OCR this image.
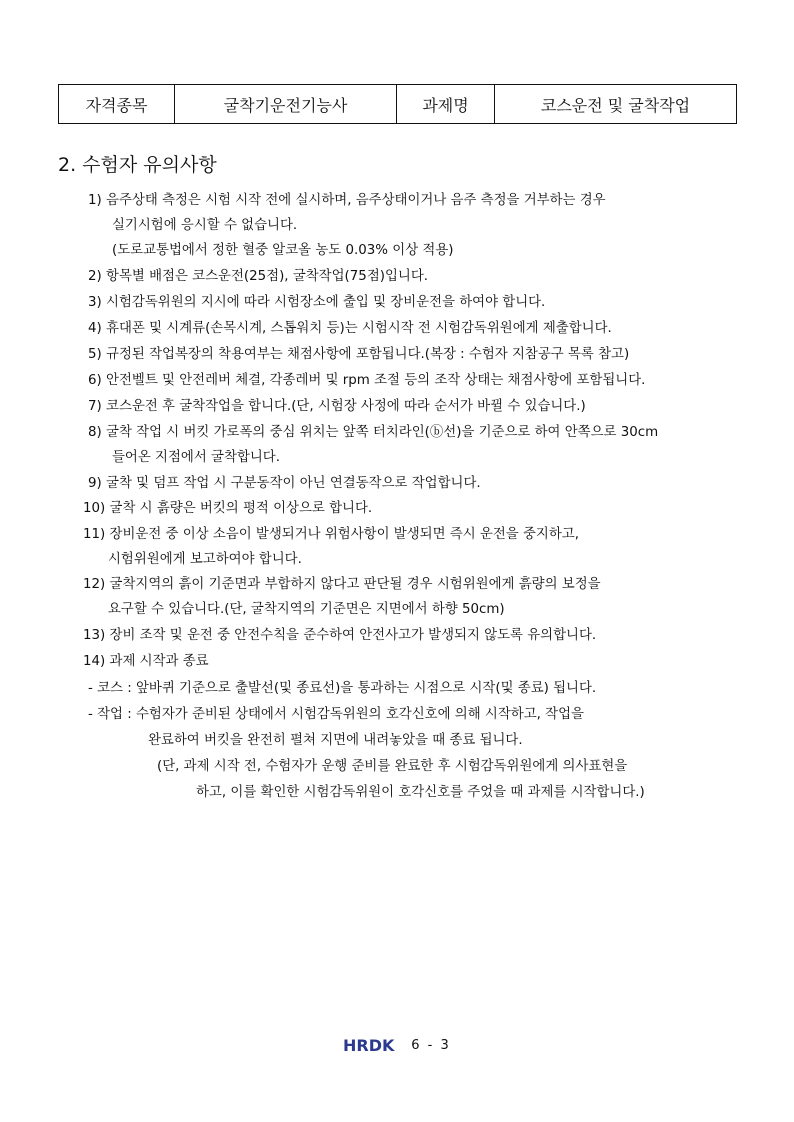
자격종목	굴착기운전기능사	과제명	코스운전 및 굴착작업
2. 수험자 유의사항
1) 음주상태 측정은 시험 시작 전에 실시하며, 음주상태이거나 음주 측정을 거부하는 경우
실기시험에 응시할 수 없습니다.
(도로교통법에서 정한 혈중 알코올 농도 0.03% 이상 적용)
2) 항목별 배점은 코스운전(25점), 굴착작업(75점)입니다.
3) 시험감독위원의 지시에 따라 시험장소에 출입 및 장비운전을 하여야 합니다.
4) 휴대폰 및 시계류(손목시계, 스톱워치 등)는 시험시작 전 시험감독위원에게 제출합니다.
5) 규정된 작업복장의 착용여부는 채점사항에 포함됩니다.(복장 : 수험자 지참공구 목록 참고)
6) 안전벨트 및 안전레버 체결, 각종레버 및 rpm 조절 등의 조작 상태는 채점사항에 포함됩니다.
7) 코스운전 후 굴착작업을 합니다.(단, 시험장 사정에 따라 순서가 바뀔 수 있습니다.)
8) 굴착 작업 시 버킷 가로폭의 중심 위치는 앞쪽 터치라인(ⓑ선)을 기준으로 하여 안쪽으로 30cm
들어온 지점에서 굴착합니다.
9) 굴착 및 덤프 작업 시 구분동작이 아닌 연결동작으로 작업합니다.
10) 굴착 시 흙량은 버킷의 평적 이상으로 합니다.
11) 장비운전 중 이상 소음이 발생되거나 위험사항이 발생되면 즉시 운전을 중지하고,
시험위원에게 보고하여야 합니다.
12) 굴착지역의 흙이 기준면과 부합하지 않다고 판단될 경우 시험위원에게 흙량의 보정을
요구할 수 있습니다.(단, 굴착지역의 기준면은 지면에서 하향 50cm)
13) 장비 조작 및 운전 중 안전수칙을 준수하여 안전사고가 발생되지 않도록 유의합니다.
14) 과제 시작과 종료
- 코스 : 앞바퀴 기준으로 출발선(및 종료선)을 통과하는 시점으로 시작(및 종료) 됩니다.
- 작업 : 수험자가 준비된 상태에서 시험감독위원의 호각신호에 의해 시작하고, 작업을
완료하여 버킷을 완전히 펼쳐 지면에 내려놓았을 때 종료 됩니다.
(단, 과제 시작 전, 수험자가 운행 준비를 완료한 후 시험감독위원에게 의사표현을
하고, 이를 확인한 시험감독위원이 호각신호를 주었을 때 과제를 시작합니다.)
HRDK 6 - 3
